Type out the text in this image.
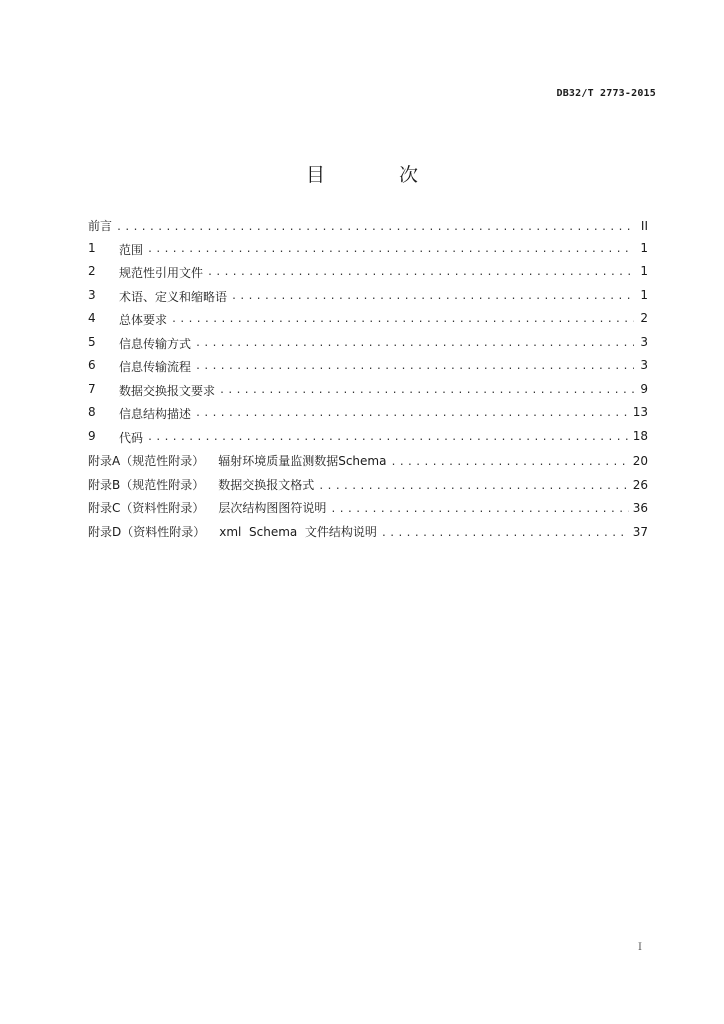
DB32/T 2773-2015
目 次
前言 .....	II
1	范围 .....	1
2	规范性引用文件 .....	1
3	术语、定义和缩略语 .....	1
4	总体要求 .....	2
5	信息传输方式 .....	3
6	信息传输流程 .....	3
7	数据交换报文要求 .....	9
8	信息结构描述 .....	13
9	代码 .....	18
附录A（规范性附录） 辐射环境质量监测数据Schema .....	20
附录B（规范性附录） 数据交换报文格式 .....	26
附录C（资料性附录） 层次结构图图符说明 .....	36
附录D（资料性附录） xml  Schema  文件结构说明 .....	37
I
